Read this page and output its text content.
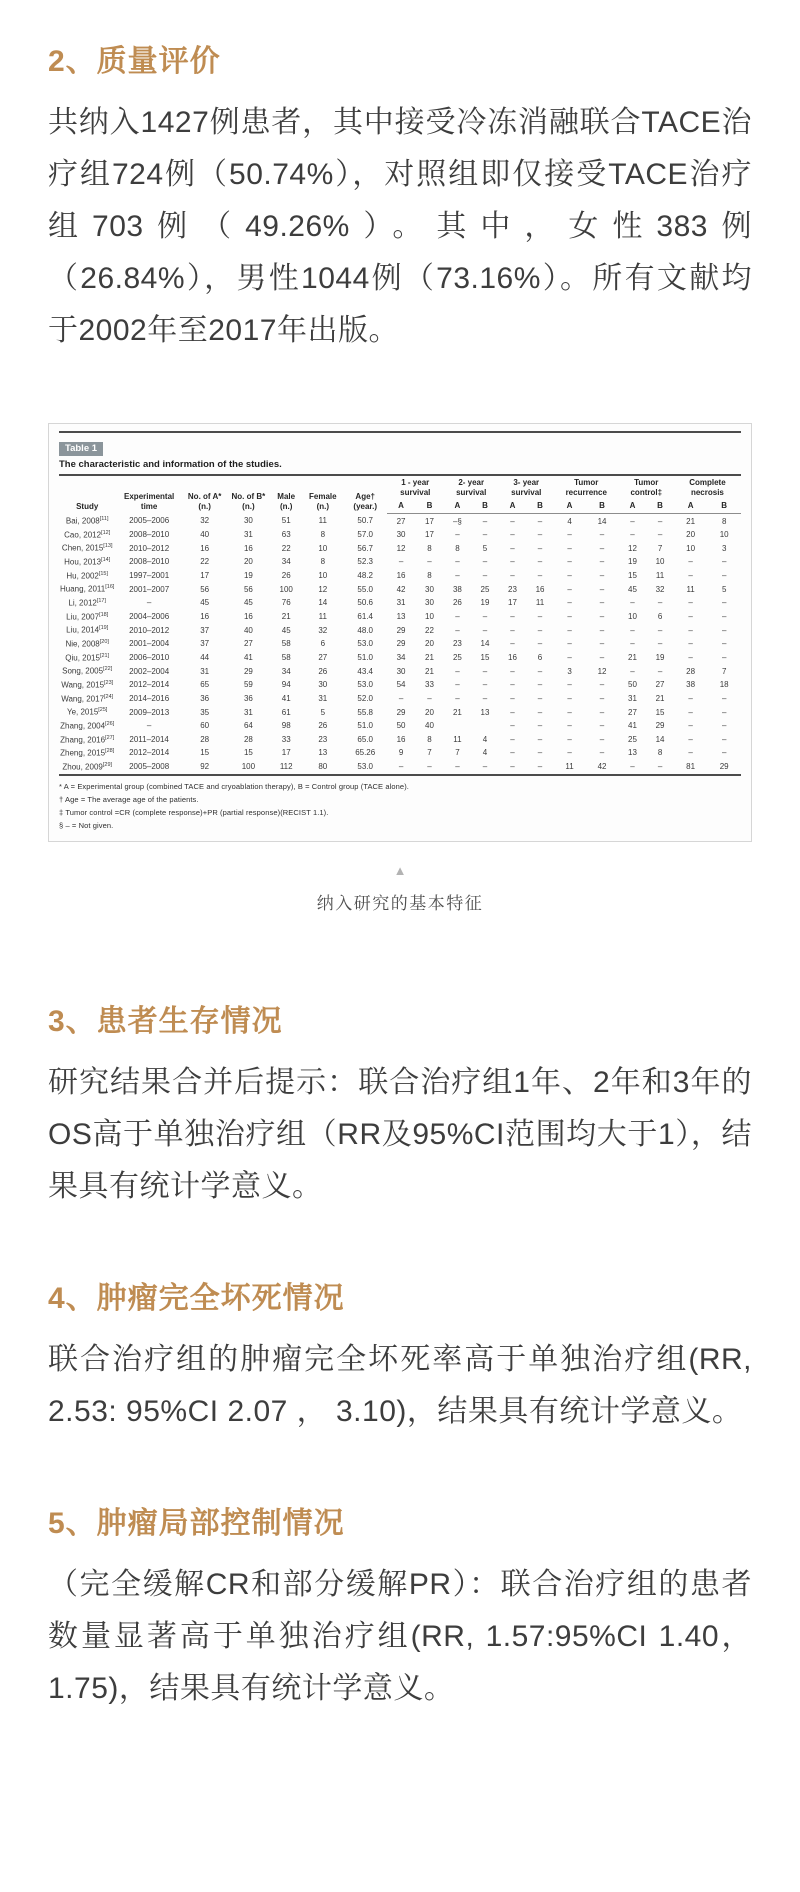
2、质量评价

共纳入1427例患者，其中接受冷冻消融联合TACE治疗组724例（50.74%），对照组即仅接受TACE治疗组703例（49.26%）。其中，女性383例（26.84%），男性1044例（73.16%）。所有文献均于2002年至2017年出版。

Table 1
The characteristic and information of the studies.
Study	Experimental time	No. of A* (n.)	No. of B* (n.)	Male (n.)	Female (n.)	Age† (year.)	1 - year survival		2- year survival		3- year survival		Tumor recurrence		Tumor control‡		Complete necrosis	
							A	B	A	B	A	B	A	B	A	B	A	B
Bai, 2008[11]	2005–2006	32	30	51	11	50.7	27	17	–§	–	–	–	4	14	–	–	21	8
Cao, 2012[12]	2008–2010	40	31	63	8	57.0	30	17	–	–	–	–	–	–	–	–	20	10
Chen, 2015[13]	2010–2012	16	16	22	10	56.7	12	8	8	5	–	–	–	–	12	7	10	3
Hou, 2013[14]	2008–2010	22	20	34	8	52.3	–	–	–	–	–	–	–	–	19	10	–	–
Hu, 2002[15]	1997–2001	17	19	26	10	48.2	16	8	–	–	–	–	–	–	15	11	–	–
Huang, 2011[16]	2001–2007	56	56	100	12	55.0	42	30	38	25	23	16	–	–	45	32	11	5
Li, 2012[17]	–	45	45	76	14	50.6	31	30	26	19	17	11	–	–	–	–	–	–
Liu, 2007[18]	2004–2006	16	16	21	11	61.4	13	10	–	–	–	–	–	–	10	6	–	–
Liu, 2014[19]	2010–2012	37	40	45	32	48.0	29	22	–	–	–	–	–	–	–	–	–	–
Nie, 2008[20]	2001–2004	37	27	58	6	53.0	29	20	23	14	–	–	–	–	–	–	–	–
Qiu, 2015[21]	2006–2010	44	41	58	27	51.0	34	21	25	15	16	6	–	–	21	19	–	–
Song, 2005[22]	2002–2004	31	29	34	26	43.4	30	21	–	–	–	–	3	12	–	–	28	7
Wang, 2015[23]	2012–2014	65	59	94	30	53.0	54	33	–	–	–	–	–	–	50	27	38	18
Wang, 2017[24]	2014–2016	36	36	41	31	52.0	–	–	–	–	–	–	–	–	31	21	–	–
Ye, 2015[25]	2009–2013	35	31	61	5	55.8	29	20	21	13	–	–	–	–	27	15	–	–
Zhang, 2004[26]	–	60	64	98	26	51.0	50	40			–	–	–	–	41	29	–	–
Zhang, 2016[27]	2011–2014	28	28	33	23	65.0	16	8	11	4	–	–	–	–	25	14	–	–
Zheng, 2015[28]	2012–2014	15	15	17	13	65.26	9	7	7	4	–	–	–	–	13	8	–	–
Zhou, 2009[29]	2005–2008	92	100	112	80	53.0	–	–	–	–	–	–	11	42	–	–	81	29
* A = Experimental group (combined TACE and cryoablation therapy), B = Control group (TACE alone).
† Age = The average age of the patients.
‡ Tumor control =CR (complete response)+PR (partial response)(RECIST 1.1).
§ – = Not given.
▲
纳入研究的基本特征
3、患者生存情况

研究结果合并后提示：联合治疗组1年、2年和3年的OS高于单独治疗组（RR及95%CI范围均大于1），结果具有统计学意义。

4、肿瘤完全坏死情况

联合治疗组的肿瘤完全坏死率高于单独治疗组(RR, 2.53: 95%CI 2.07 ， 3.10)，结果具有统计学意义。

5、肿瘤局部控制情况

（完全缓解CR和部分缓解PR）：联合治疗组的患者数量显著高于单独治疗组(RR, 1.57:95%CI 1.40，1.75)，结果具有统计学意义。
